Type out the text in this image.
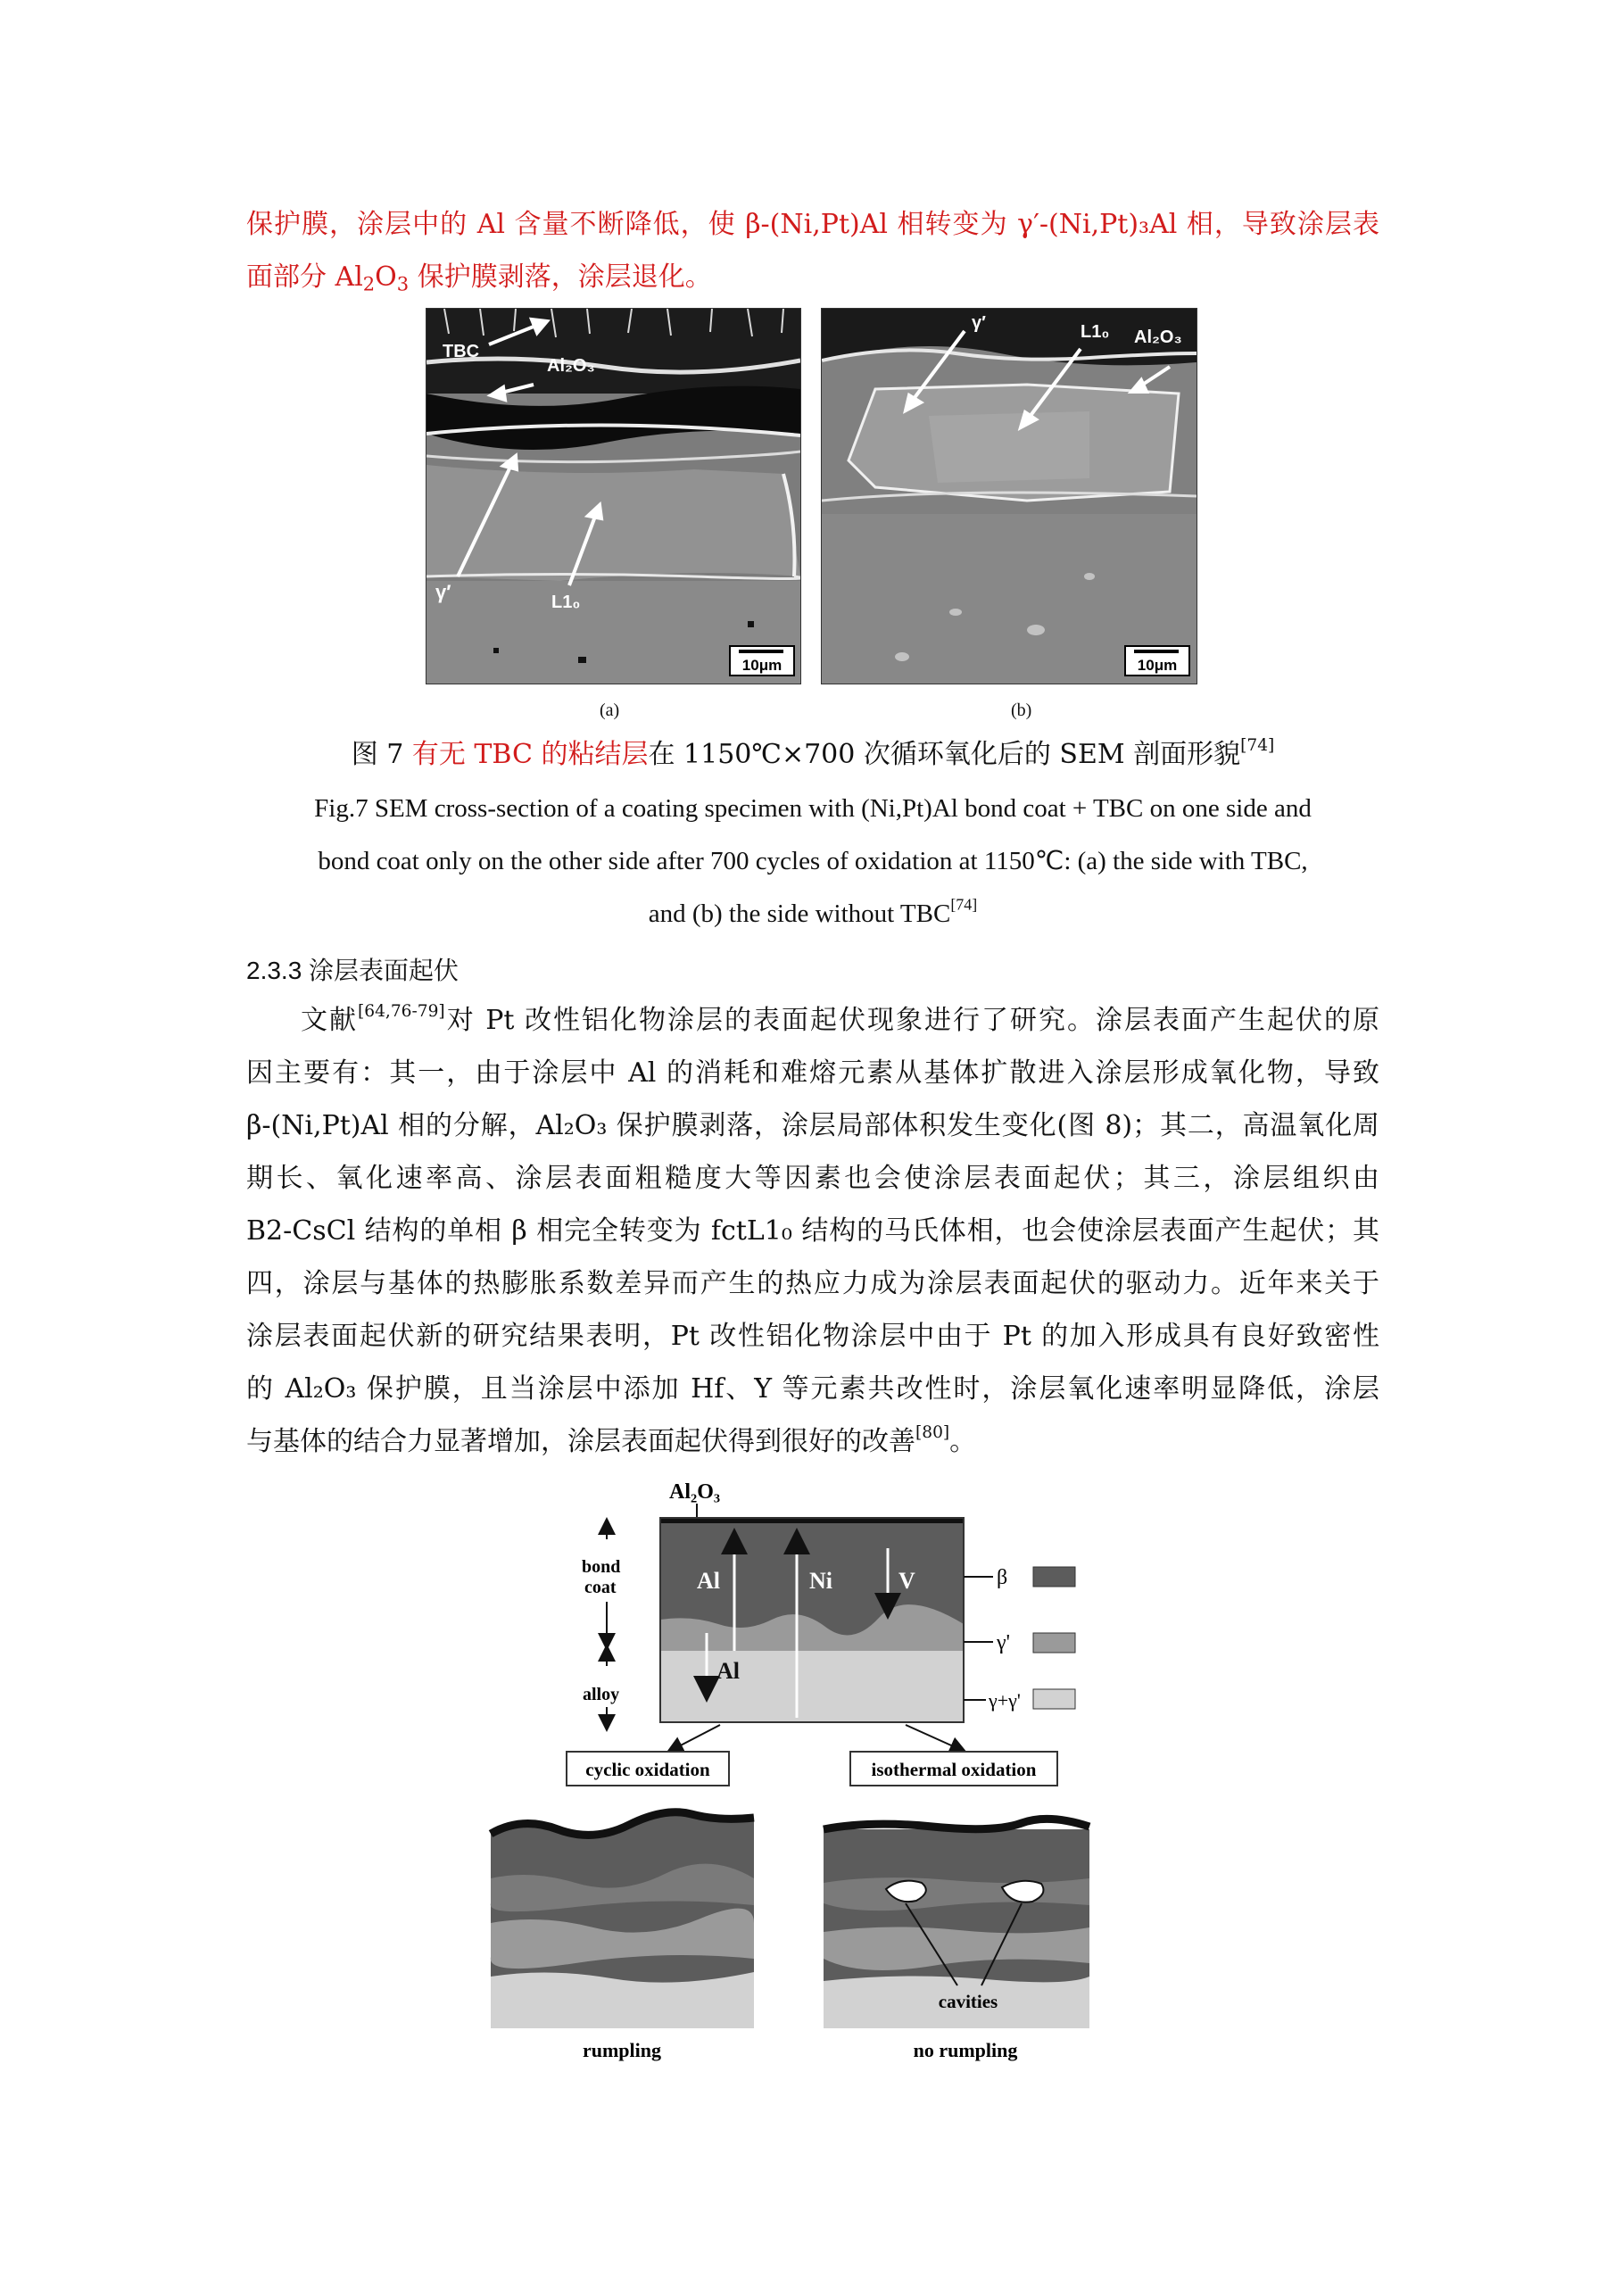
保护膜，涂层中的 Al 含量不断降低，使 β-(Ni,Pt)Al 相转变为 γ′-(Ni,Pt)₃Al 相，导致涂层表
面部分 $Al_2O_3$ 保护膜剥落，涂层退化。
TBC
Al₂O₃
γ′	L1₀
10μm
(a)
γ′	L1₀ Al₂O₃
10μm
(b)
图 7 有无 TBC 的粘结层在 1150℃×700 次循环氧化后的 SEM 剖面形貌[74]
Fig.7 SEM cross-section of a coating specimen with (Ni,Pt)Al bond coat + TBC on one side and
bond coat only on the other side after 700 cycles of oxidation at 1150℃: (a) the side with TBC,
and (b) the side without TBC[74]
2.3.3 涂层表面起伏
文献[64,76-79]对 Pt 改性铝化物涂层的表面起伏现象进行了研究。涂层表面产生起伏的原
因主要有：其一，由于涂层中 Al 的消耗和难熔元素从基体扩散进入涂层形成氧化物，导致
β-(Ni,Pt)Al 相的分解，Al₂O₃ 保护膜剥落，涂层局部体积发生变化(图 8)；其二，高温氧化周
期长、氧化速率高、涂层表面粗糙度大等因素也会使涂层表面起伏；其三，涂层组织由
B2-CsCl 结构的单相 β 相完全转变为 fctL1₀ 结构的马氏体相，也会使涂层表面产生起伏；其
四，涂层与基体的热膨胀系数差异而产生的热应力成为涂层表面起伏的驱动力。近年来关于
涂层表面起伏新的研究结果表明，Pt 改性铝化物涂层中由于 Pt 的加入形成具有良好致密性
的 Al₂O₃ 保护膜，且当涂层中添加 Hf、Y 等元素共改性时，涂层氧化速率明显降低，涂层
与基体的结合力显著增加，涂层表面起伏得到很好的改善[80]。
Al₂O₃
bond
coat
alloy
Al	Ni	V
Al
β
γ'
γ+γ'
cyclic oxidation	isothermal oxidation
rumpling
cavities
no rumpling
